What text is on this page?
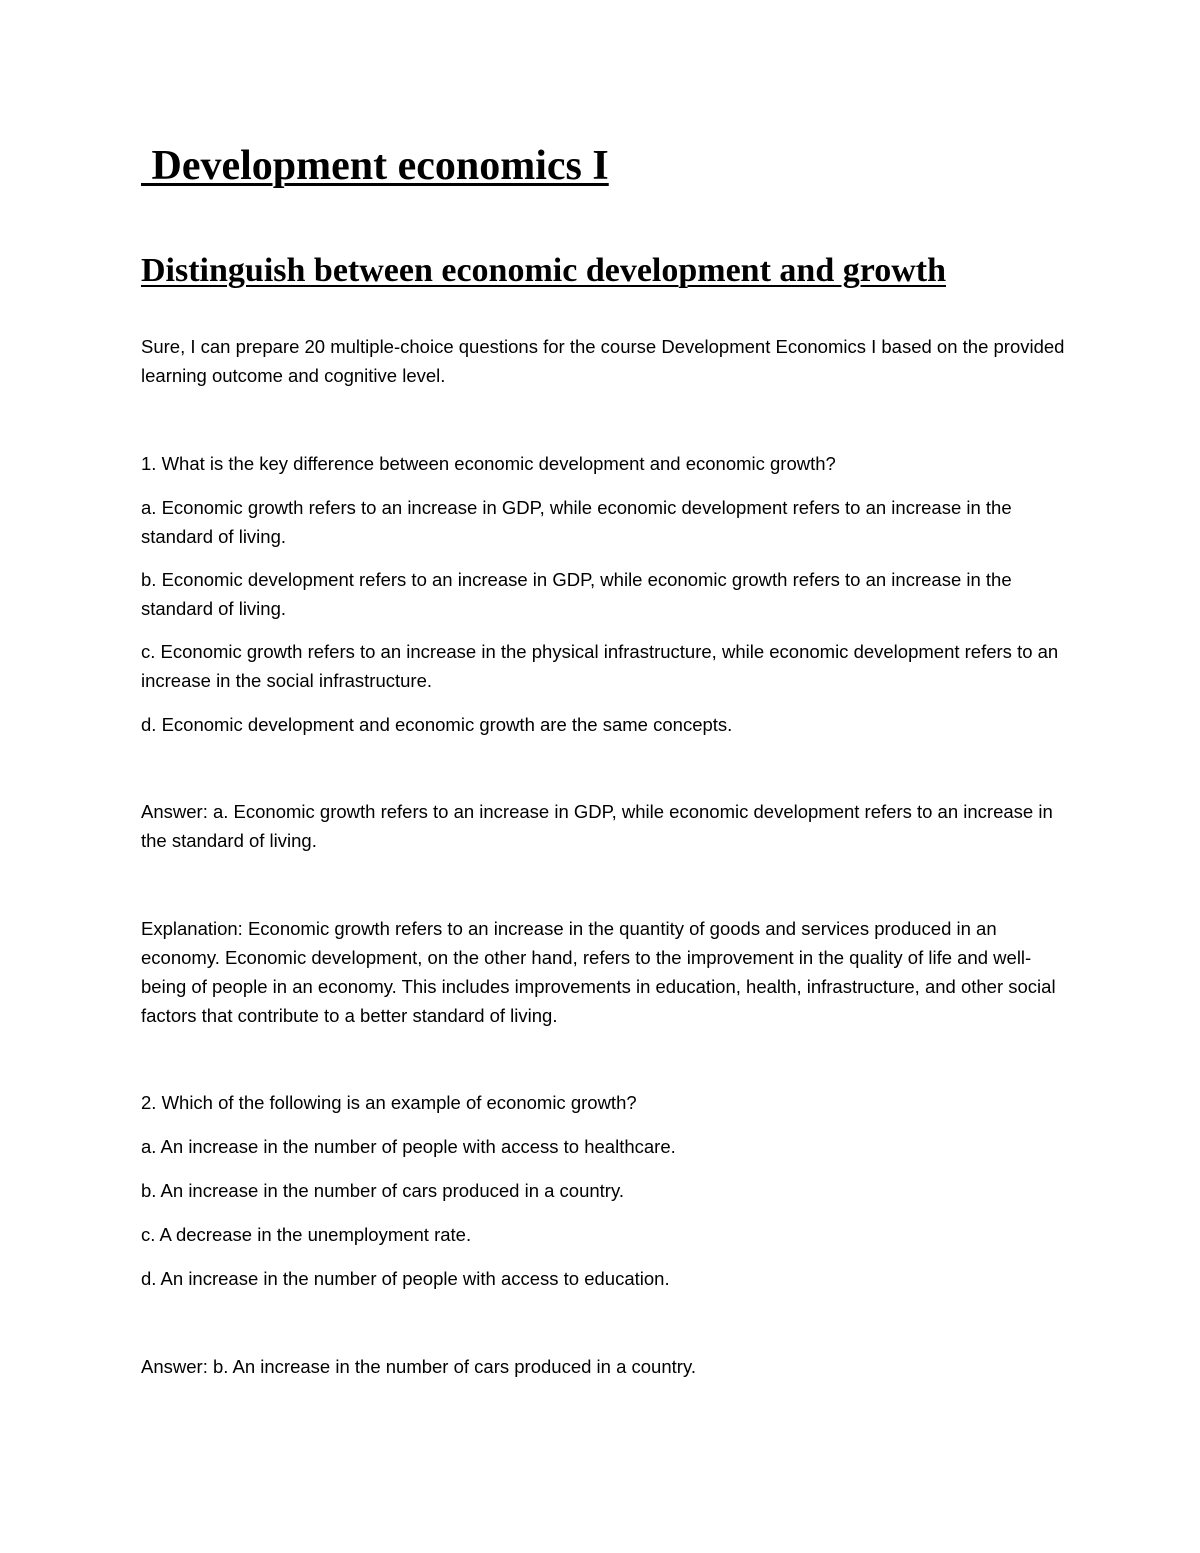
Development economics I
Distinguish between economic development and growth

Sure, I can prepare 20 multiple-choice questions for the course Development Economics I based on the provided learning outcome and cognitive level.

1. What is the key difference between economic development and economic growth?

a. Economic growth refers to an increase in GDP, while economic development refers to an increase in the standard of living.

b. Economic development refers to an increase in GDP, while economic growth refers to an increase in the standard of living.

c. Economic growth refers to an increase in the physical infrastructure, while economic development refers to an increase in the social infrastructure.

d. Economic development and economic growth are the same concepts.

Answer: a. Economic growth refers to an increase in GDP, while economic development refers to an increase in the standard of living.

Explanation: Economic growth refers to an increase in the quantity of goods and services produced in an economy. Economic development, on the other hand, refers to the improvement in the quality of life and well-being of people in an economy. This includes improvements in education, health, infrastructure, and other social factors that contribute to a better standard of living.

2. Which of the following is an example of economic growth?

a. An increase in the number of people with access to healthcare.

b. An increase in the number of cars produced in a country.

c. A decrease in the unemployment rate.

d. An increase in the number of people with access to education.

Answer: b. An increase in the number of cars produced in a country.
